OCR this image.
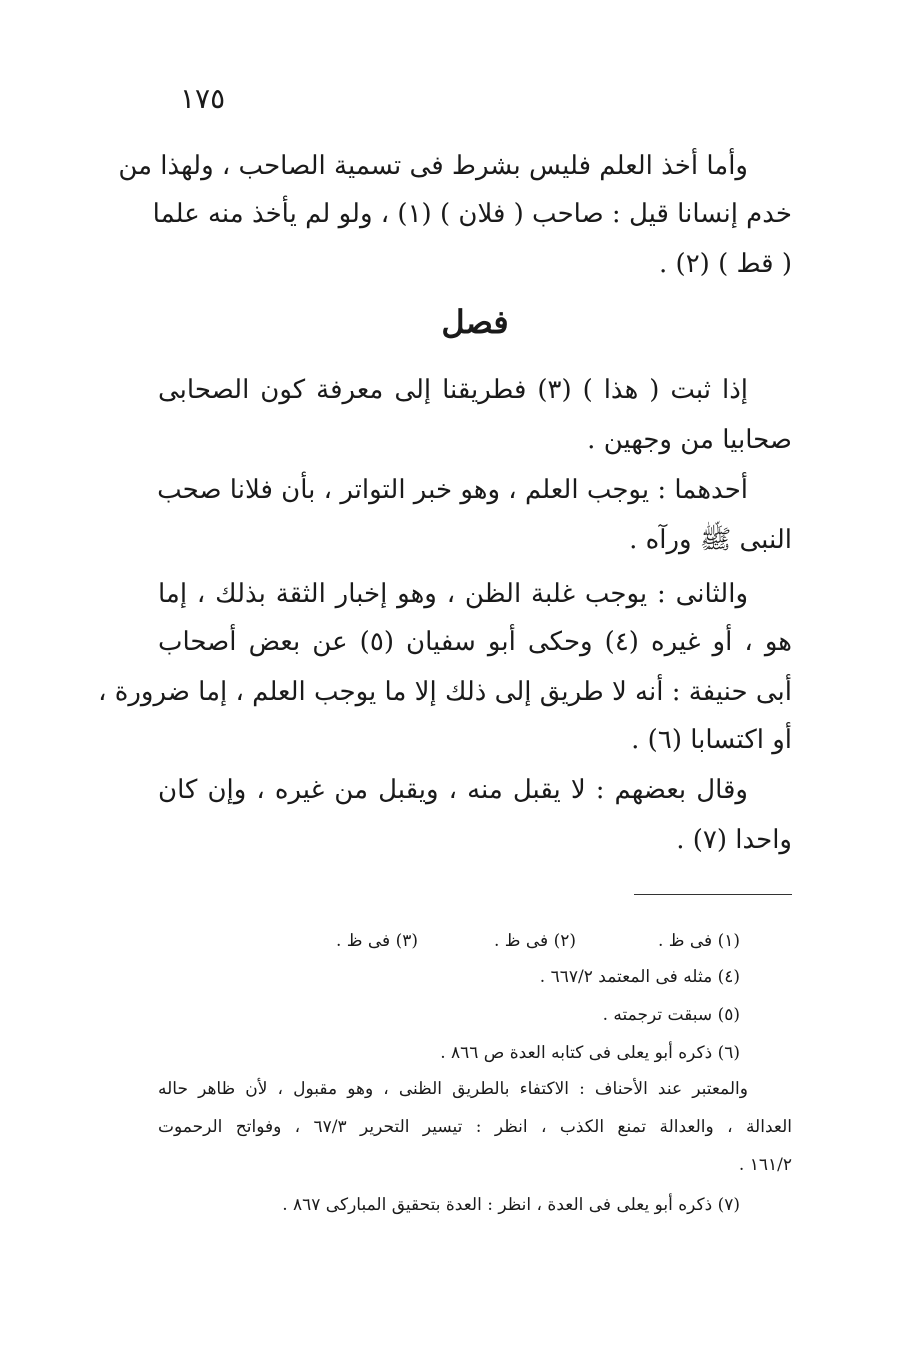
١٧٥
وأما أخذ العلم فليس بشرط فى تسمية الصاحب ، ولهذا من
خدم إنسانا قيل : صاحب ( فلان ) (١) ، ولو لم يأخذ منه علما
( قط ) (٢) .
فصل
إذا ثبت ( هذا ) (٣) فطريقنا إلى معرفة كون الصحابى
صحابيا من وجهين .
أحدهما : يوجب العلم ، وهو خبر التواتر ، بأن فلانا صحب
النبى ﷺ ورآه .
والثانى : يوجب غلبة الظن ، وهو إخبار الثقة بذلك ، إما
هو ، أو غيره (٤) وحكى أبو سفيان (٥) عن بعض أصحاب
أبى حنيفة : أنه لا طريق إلى ذلك إلا ما يوجب العلم ، إما ضرورة ،
أو اكتسابا (٦) .
وقال بعضهم : لا يقبل منه ، ويقبل من غيره ، وإن كان
واحدا (٧) .
(١) فى ظ .
(٢) فى ظ .
(٣) فى ظ .
(٤) مثله فى المعتمد ٦٦٧/٢ .
(٥) سبقت ترجمته .
(٦) ذكره أبو يعلى فى كتابه العدة ص ٨٦٦ .
والمعتبر عند الأحناف : الاكتفاء بالطريق الظنى ، وهو مقبول ، لأن ظاهر حاله
العدالة ، والعدالة تمنع الكذب ، انظر : تيسير التحرير ٦٧/٣ ، وفواتح الرحموت
١٦١/٢ .
(٧) ذكره أبو يعلى فى العدة ، انظر : العدة بتحقيق المباركى ٨٦٧ .
